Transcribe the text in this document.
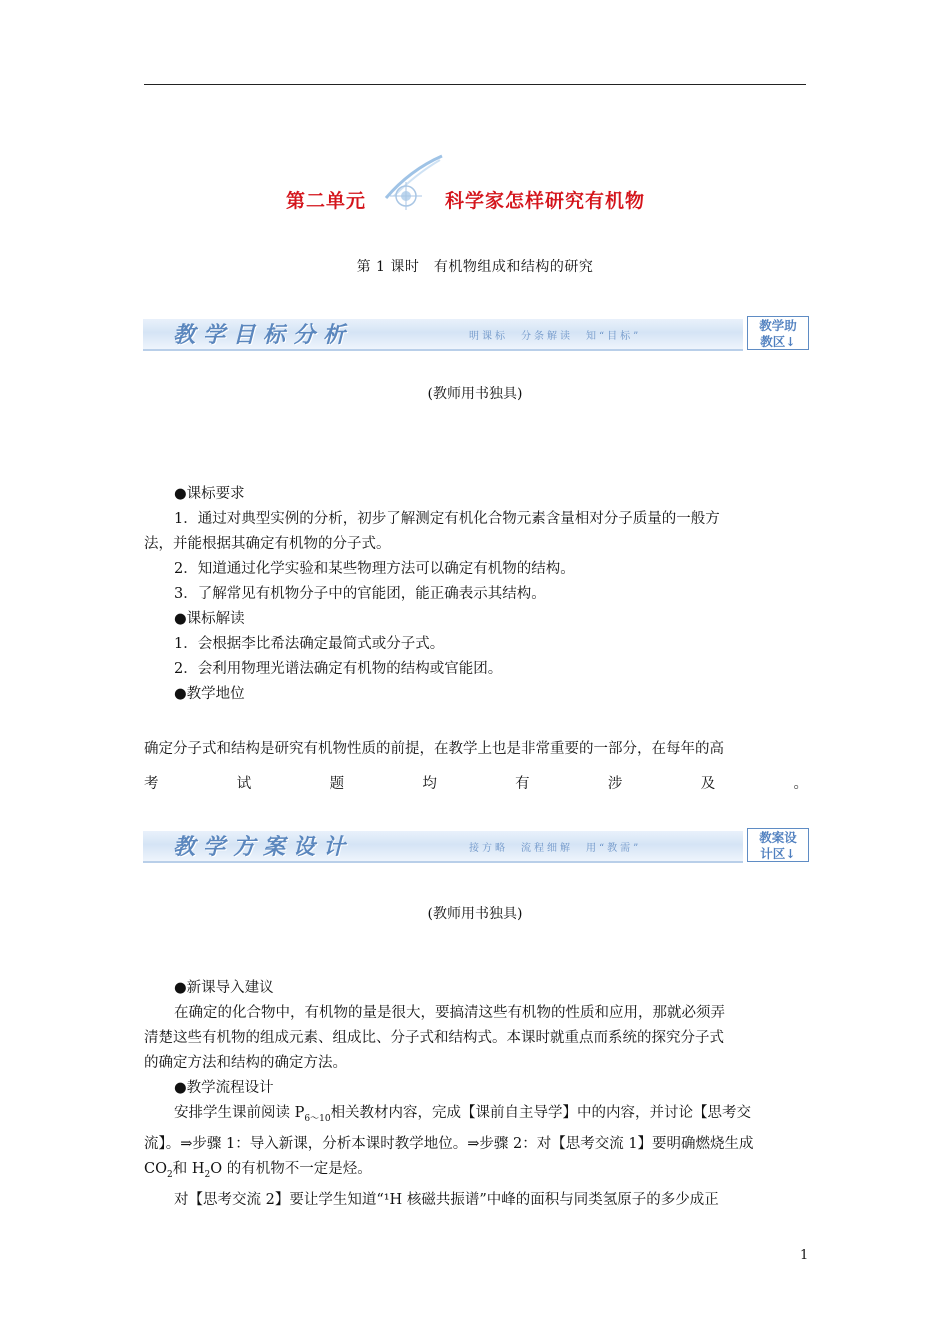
第二单元	科学家怎样研究有机物
第 1 课时　有机物组成和结构的研究
教学目标分析	明课标　分条解读　知“目标”
教学助
教区↓
(教师用书独具)
●课标要求
1．通过对典型实例的分析，初步了解测定有机化合物元素含量相对分子质量的一般方
法，并能根据其确定有机物的分子式。
2．知道通过化学实验和某些物理方法可以确定有机物的结构。
3．了解常见有机物分子中的官能团，能正确表示其结构。
●课标解读
1．会根据李比希法确定最简式或分子式。
2．会利用物理光谱法确定有机物的结构或官能团。
●教学地位
确定分子式和结构是研究有机物性质的前提，在教学上也是非常重要的一部分，在每年的高
考	试	题	均	有	涉	及	。
教学方案设计	接方略　流程细解　用“教需”
教案设
计区↓
(教师用书独具)
●新课导入建议
在确定的化合物中，有机物的量是很大，要搞清这些有机物的性质和应用，那就必须弄
清楚这些有机物的组成元素、组成比、分子式和结构式。本课时就重点而系统的探究分子式
的确定方法和结构的确定方法。
●教学流程设计
安排学生课前阅读 $P_{6\sim 10}$相关教材内容，完成【课前自主导学】中的内容，并讨论【思考交
流】。⇒步骤 1：导入新课，分析本课时教学地位。⇒步骤 2：对【思考交流 1】要明确燃烧生成
$CO_2$和 $H_2O$ 的有机物不一定是烃。
对【思考交流 2】要让学生知道“¹H 核磁共振谱”中峰的面积与同类氢原子的多少成正
1
